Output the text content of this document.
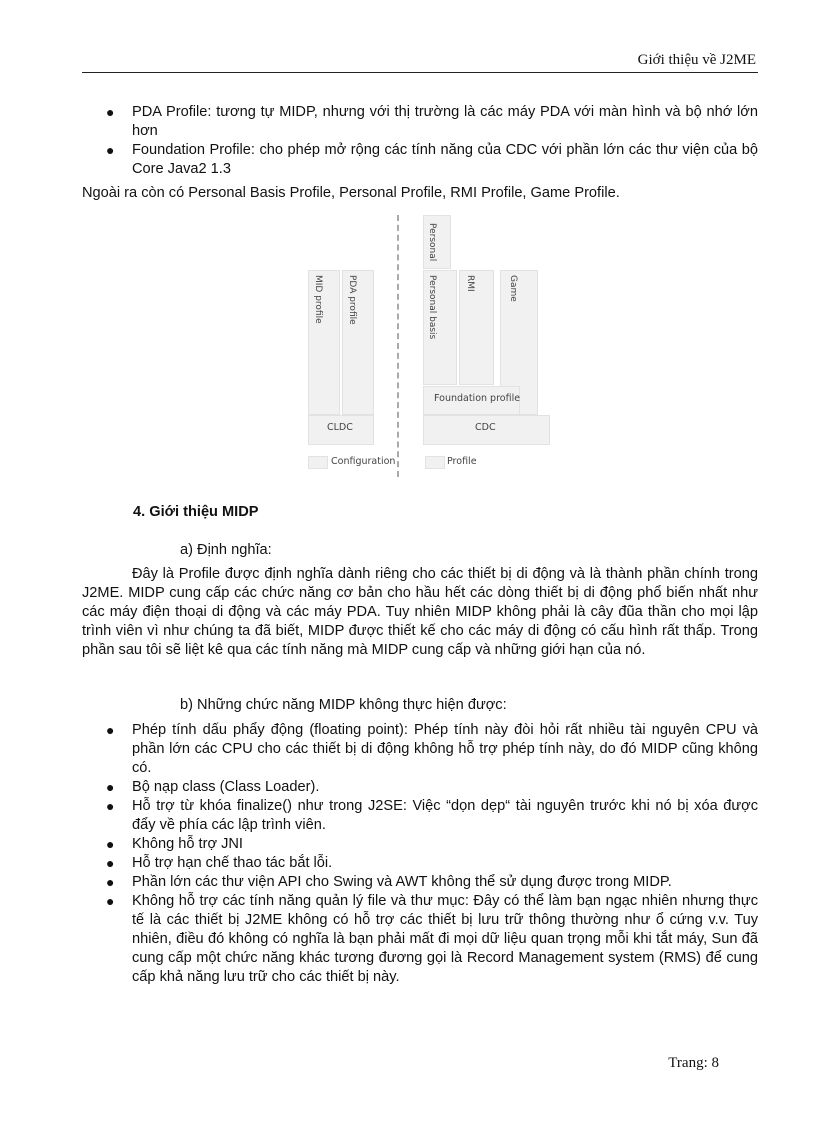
Giới thiệu về J2ME
● PDA Profile: tương tự MIDP, nhưng với thị trường là các máy PDA với màn hình và bộ nhớ lớn hơn
● Foundation Profile: cho phép mở rộng các tính năng của CDC với phần lớn các thư viện của bộ Core Java2 1.3
Ngoài ra còn có Personal Basis Profile, Personal Profile, RMI Profile, Game Profile.
MID profile	PDA profile
CLDC
Personal
Personal basis	RMI	Game
Foundation profile
CDC
Configuration	Profile
4. Giới thiệu MIDP
a) Định nghĩa:
Đây là Profile được định nghĩa dành riêng cho các thiết bị di động và là thành phần chính trong J2ME. MIDP cung cấp các chức năng cơ bản cho hầu hết các dòng thiết bị di động phổ biến nhất như các máy điện thoại di động và các máy PDA. Tuy nhiên MIDP không phải là cây đũa thần cho mọi lập trình viên vì như chúng ta đã biết, MIDP được thiết kế cho các máy di động có cấu hình rất thấp. Trong phần sau tôi sẽ liệt kê qua các tính năng mà MIDP cung cấp và những giới hạn của nó.
b) Những chức năng MIDP không thực hiện được:
● Phép tính dấu phẩy động (floating point): Phép tính này đòi hỏi rất nhiều tài nguyên CPU và phần lớn các CPU cho các thiết bị di động không hỗ trợ phép tính này, do đó MIDP cũng không có.
● Bộ nạp class (Class Loader).
● Hỗ trợ từ khóa finalize() như trong J2SE: Việc “dọn dẹp“ tài nguyên trước khi nó bị xóa được đẩy về phía các lập trình viên.
● Không hỗ trợ JNI
● Hỗ trợ hạn chế thao tác bắt lỗi.
● Phần lớn các thư viện API cho Swing và AWT không thể sử dụng được trong MIDP.
● Không hỗ trợ các tính năng quản lý file và thư mục: Đây có thể làm bạn ngạc nhiên nhưng thực tế là các thiết bị J2ME không có hỗ trợ các thiết bị lưu trữ thông thường như ổ cứng v.v. Tuy nhiên, điều đó không có nghĩa là bạn phải mất đi mọi dữ liệu quan trọng mỗi khi tắt máy, Sun đã cung cấp một chức năng khác tương đương gọi là Record Management system (RMS) để cung cấp khả năng lưu trữ cho các thiết bị này.
Trang: 8
